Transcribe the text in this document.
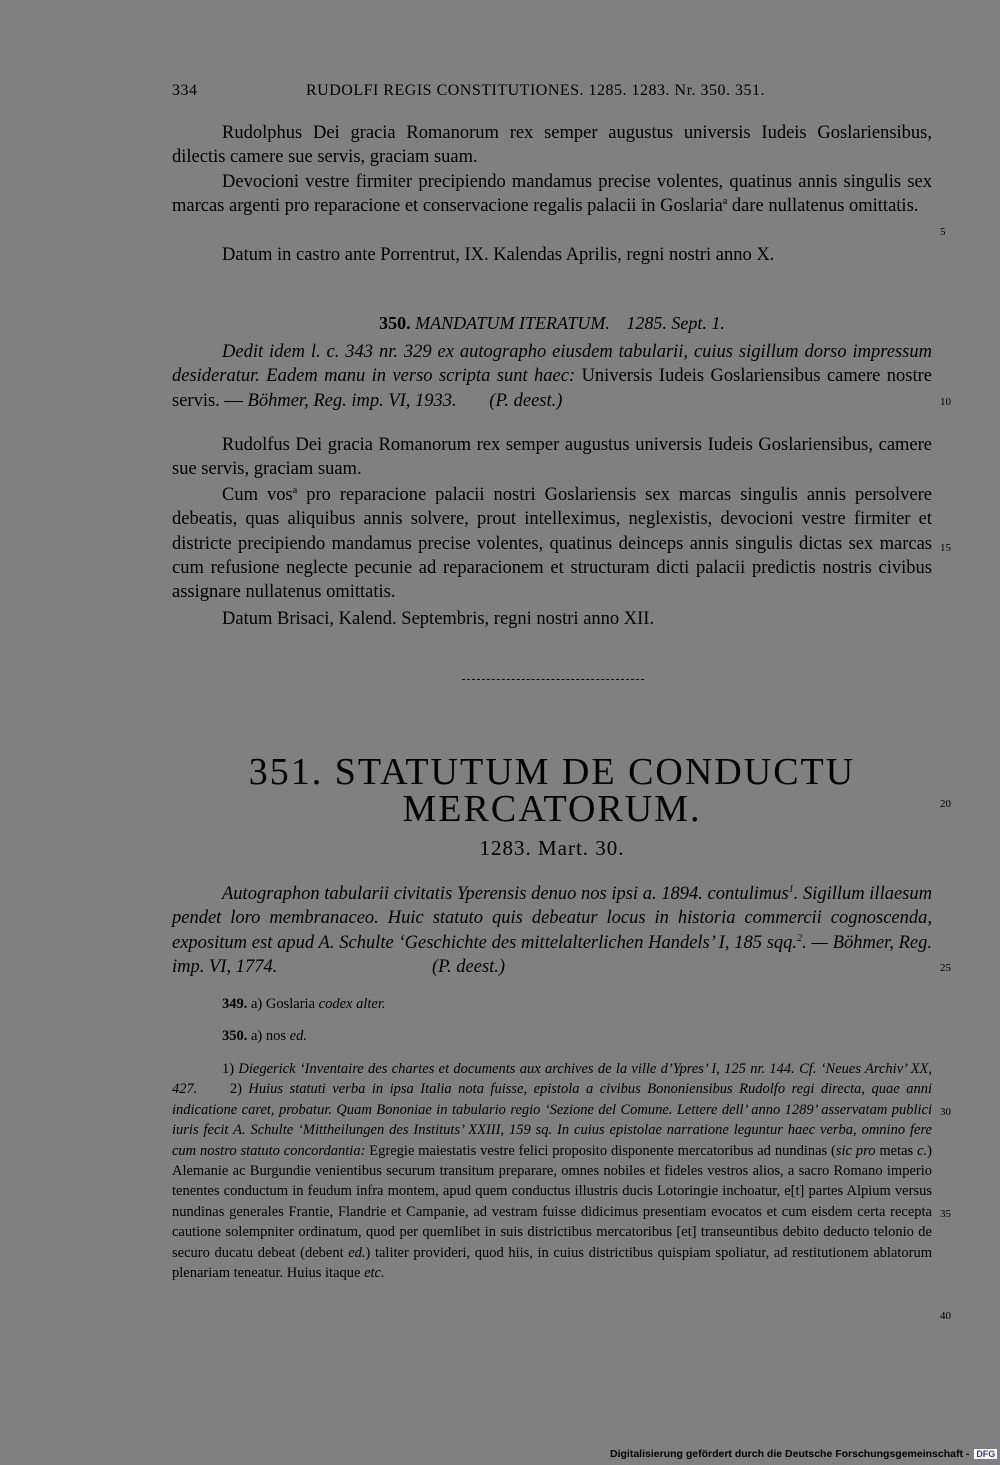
334	RUDOLFI REGIS CONSTITUTIONES. 1285. 1283. Nr. 350. 351.
Rudolphus Dei gracia Romanorum rex semper augustus universis Iudeis Goslariensibus, dilectis camere sue servis, graciam suam.
Devocioni vestre firmiter precipiendo mandamus precise volentes, quatinus annis singulis sex marcas argenti pro reparacione et conservacione regalis palacii in Goslaria$^a$ dare nullatenus omittatis.
Datum in castro ante Porrentrut, IX. Kalendas Aprilis, regni nostri anno X.
350. MANDATUM ITERATUM. 1285. Sept. 1.
Dedit idem l. c. 343 nr. 329 ex autographo eiusdem tabularii, cuius sigillum dorso impressum desideratur. Eadem manu in verso scripta sunt haec: Universis Iudeis Goslariensibus camere nostre servis. — Böhmer, Reg. imp. VI, 1933. (P. deest.)
Rudolfus Dei gracia Romanorum rex semper augustus universis Iudeis Goslariensibus, camere sue servis, graciam suam.
Cum vos$^a$ pro reparacione palacii nostri Goslariensis sex marcas singulis annis persolvere debeatis, quas aliquibus annis solvere, prout intelleximus, neglexistis, devocioni vestre firmiter et districte precipiendo mandamus precise volentes, quatinus deinceps annis singulis dictas sex marcas cum refusione neglecte pecunie ad reparacionem et structuram dicti palacii predictis nostris civibus assignare nullatenus omittatis.
Datum Brisaci, Kalend. Septembris, regni nostri anno XII.
351. STATUTUM DE CONDUCTU
MERCATORUM.
1283. Mart. 30.
Autographon tabularii civitatis Yperensis denuo nos ipsi a. 1894. contulimus$^1$. Sigillum illaesum pendet loro membranaceo. Huic statuto quis debeatur locus in historia commercii cognoscenda, expositum est apud A. Schulte ‘Geschichte des mittelalterlichen Handels’ I, 185 sqq.$^2$. — Böhmer, Reg. imp. VI, 1774.	(P. deest.)
349. a) Goslaria codex alter.
350. a) nos ed.
1) Diegerick ‘Inventaire des chartes et documents aux archives de la ville d’Ypres’ I, 125 nr. 144. Cf. ‘Neues Archiv’ XX, 427. 2) Huius statuti verba in ipsa Italia nota fuisse, epistola a civibus Bononiensibus Rudolfo regi directa, quae anni indicatione caret, probatur. Quam Bononiae in tabulario regio ‘Sezione del Comune. Lettere dell’ anno 1289’ asservatam publici iuris fecit A. Schulte ‘Mittheilungen des Instituts’ XXIII, 159 sq. In cuius epistolae narratione leguntur haec verba, omnino fere cum nostro statuto concordantia: Egregie maiestatis vestre felici proposito disponente mercatoribus ad nundinas (sic pro metas c.) Alemanie ac Burgundie venientibus securum transitum preparare, omnes nobiles et fideles vestros alios, a sacro Romano imperio tenentes conductum in feudum infra montem, apud quem conductus illustris ducis Lotoringie inchoatur, e[t] partes Alpium versus nundinas generales Frantie, Flandrie et Campanie, ad vestram fuisse didicimus presentiam evocatos et cum eisdem certa recepta cautione solempniter ordinatum, quod per quemlibet in suis districtibus mercatoribus [et] transeuntibus debito deducto telonio de securo ducatu debeat (debent ed.) taliter provideri, quod hiis, in cuius districtibus quispiam spoliatur, ad restitutionem ablatorum plenariam teneatur. Huius itaque etc.
5
10
15
20
25
30
35
40
Digitalisierung gefördert durch die Deutsche Forschungsgemeinschaft - DFG
